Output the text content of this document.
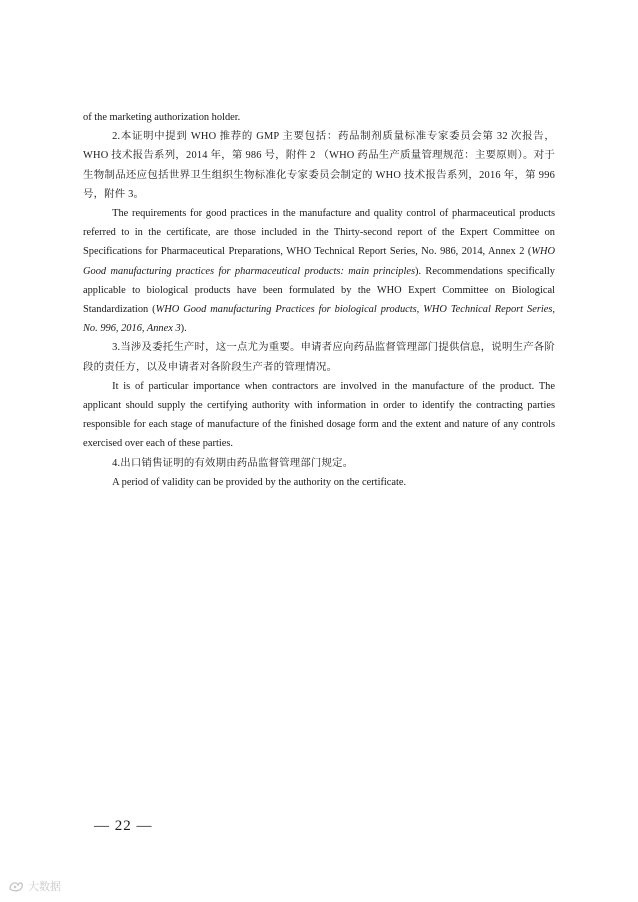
of the marketing authorization holder.

2.本证明中提到 WHO 推荐的 GMP 主要包括：药品制剂质量标准专家委员会第 32 次报告，WHO 技术报告系列，2014 年，第 986 号，附件 2 （WHO 药品生产质量管理规范：主要原则）。对于生物制品还应包括世界卫生组织生物标准化专家委员会制定的 WHO 技术报告系列，2016 年，第 996 号，附件 3。

The requirements for good practices in the manufacture and quality control of pharmaceutical products referred to in the certificate, are those included in the Thirty-second report of the Expert Committee on Specifications for Pharmaceutical Preparations, WHO Technical Report Series, No. 986, 2014, Annex 2 (WHO Good manufacturing practices for pharmaceutical products: main principles). Recommendations specifically applicable to biological products have been formulated by the WHO Expert Committee on Biological Standardization (WHO Good manufacturing Practices for biological products, WHO Technical Report Series, No. 996, 2016, Annex 3).

3.当涉及委托生产时，这一点尤为重要。申请者应向药品监督管理部门提供信息，说明生产各阶段的责任方，以及申请者对各阶段生产者的管理情况。

It is of particular importance when contractors are involved in the manufacture of the product. The applicant should supply the certifying authority with information in order to identify the contracting parties responsible for each stage of manufacture of the finished dosage form and the extent and nature of any controls exercised over each of these parties.

4.出口销售证明的有效期由药品监督管理部门规定。

A period of validity can be provided by the authority on the certificate.

— 22 —
大数据
